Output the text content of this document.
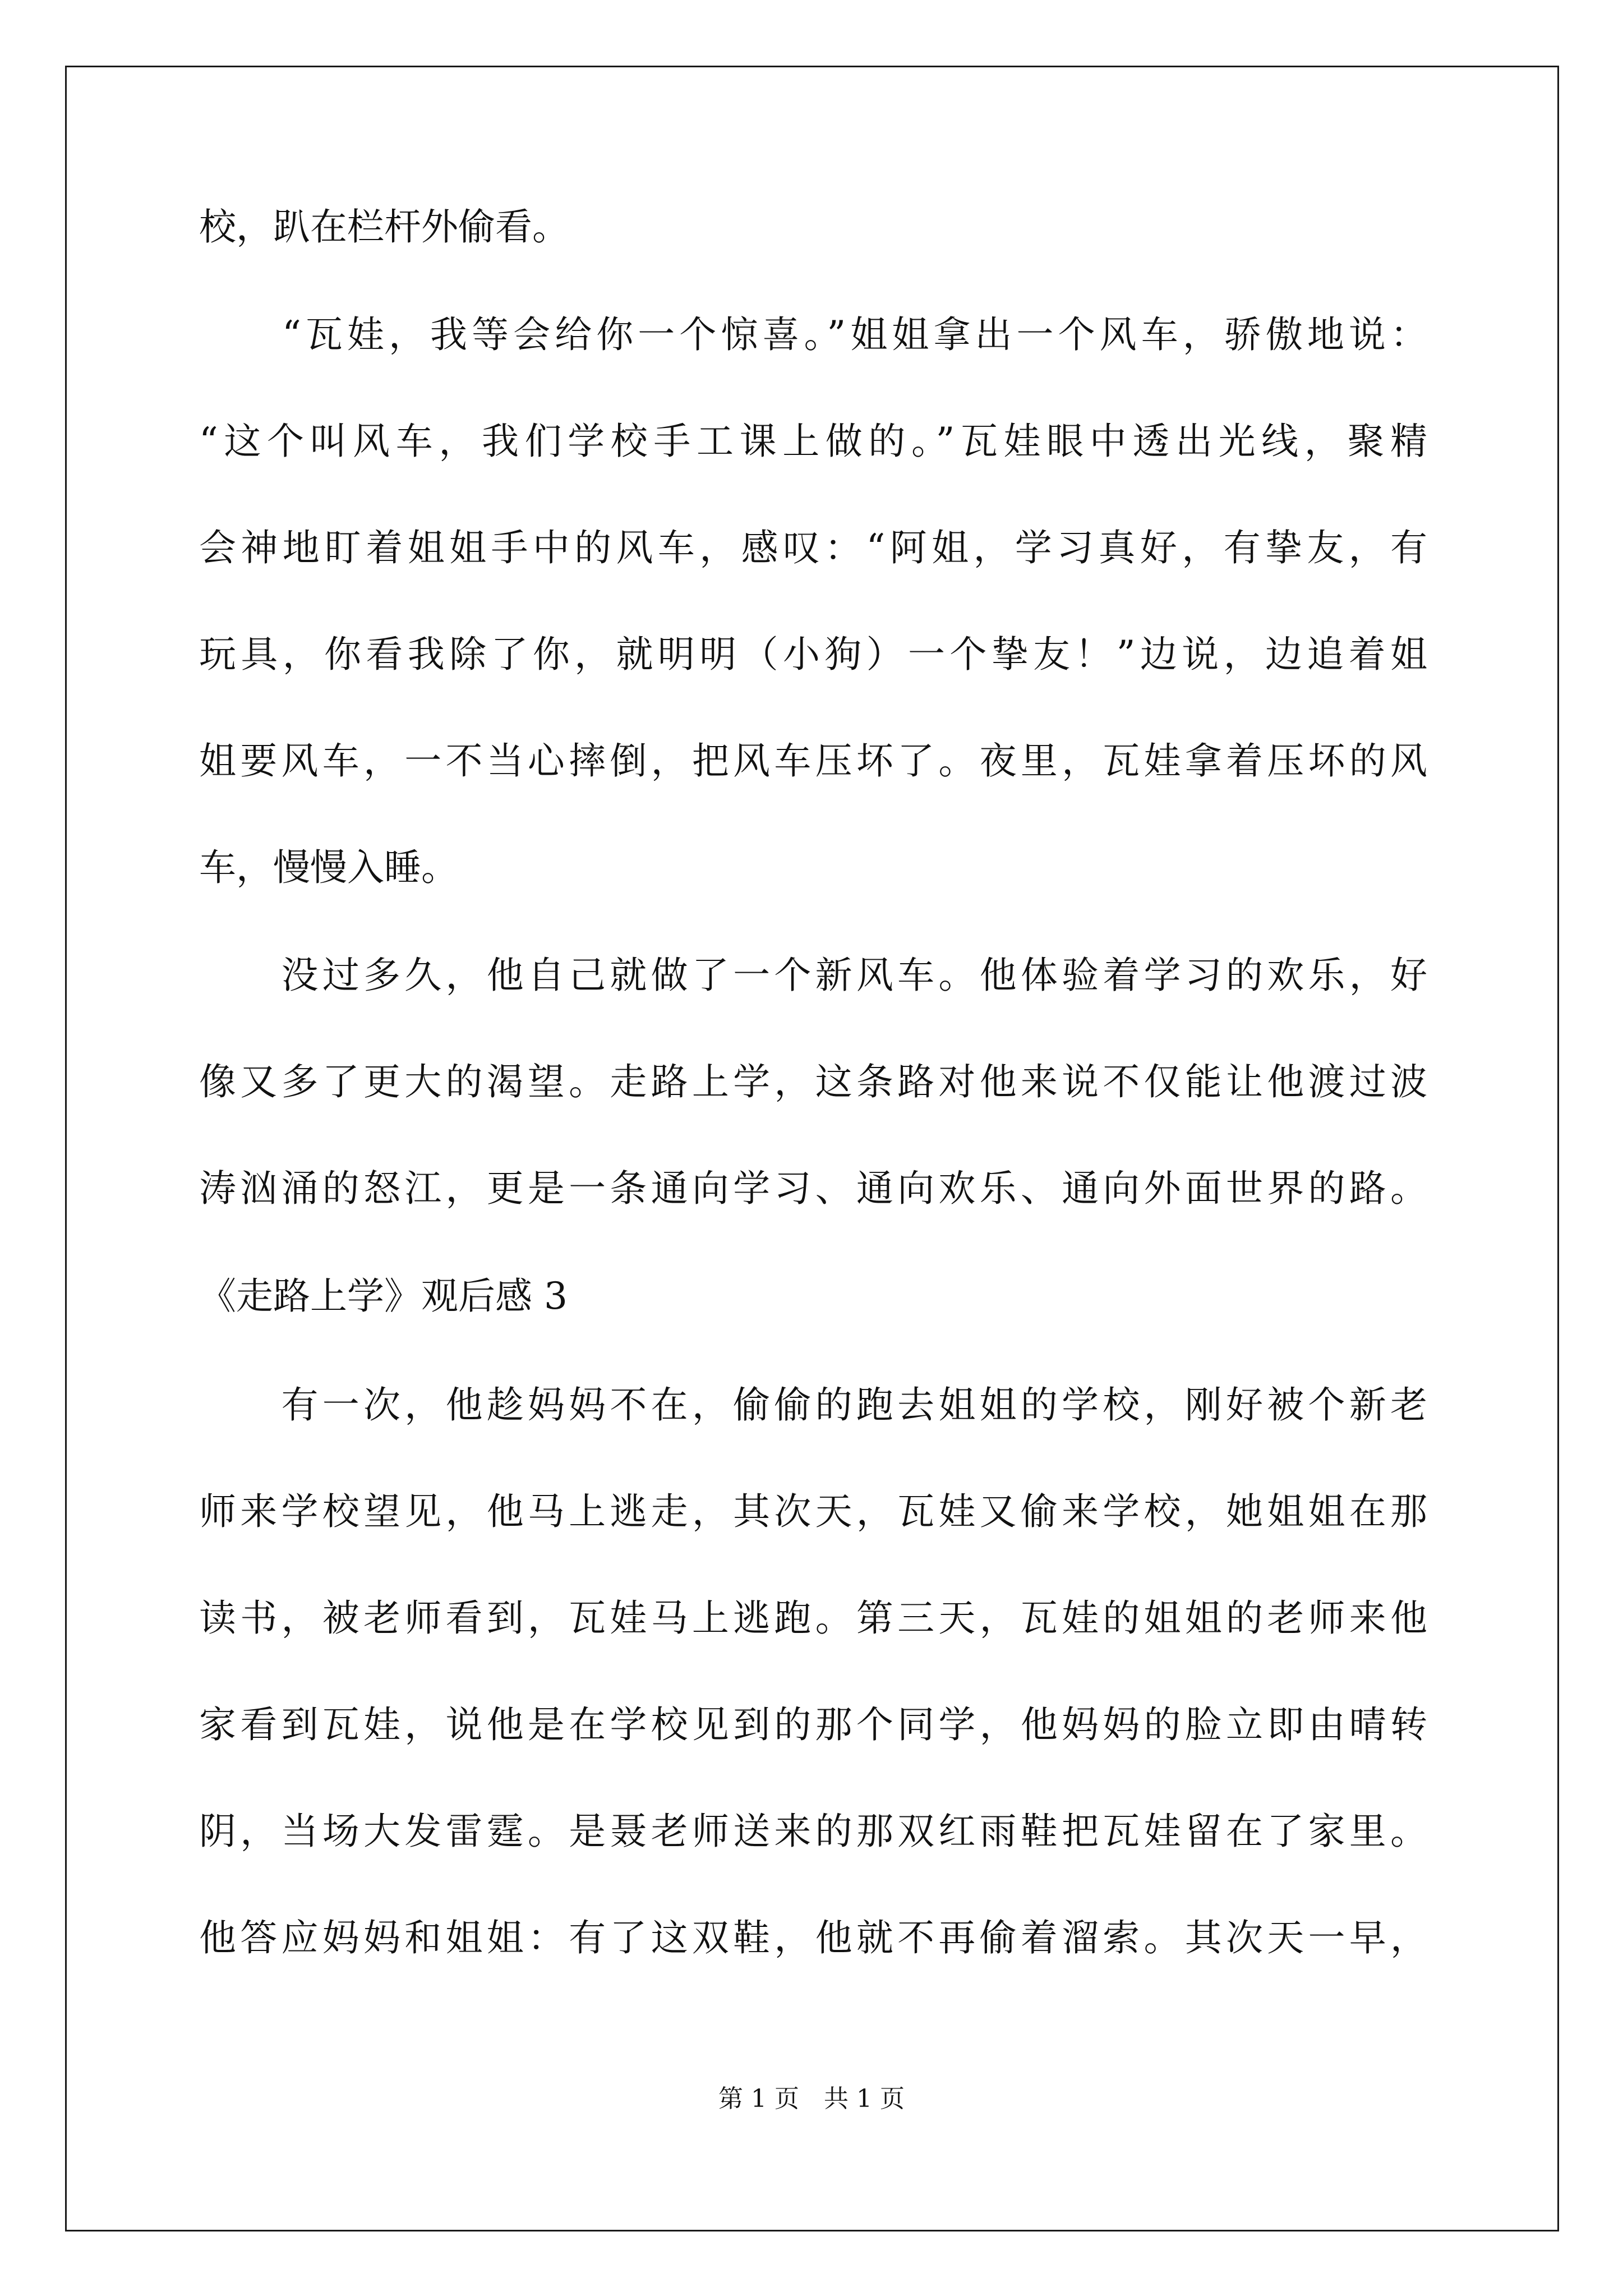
校，趴在栏杆外偷看。
　　“瓦娃，我等会给你一个惊喜。”姐姐拿出一个风车，骄傲地说：
“这个叫风车，我们学校手工课上做的。”瓦娃眼中透出光线，聚精
会神地盯着姐姐手中的风车，感叹：“阿姐，学习真好，有挚友，有
玩具，你看我除了你，就明明（小狗）一个挚友！”边说，边追着姐
姐要风车，一不当心摔倒，把风车压坏了。夜里，瓦娃拿着压坏的风
车，慢慢入睡。
　　没过多久，他自己就做了一个新风车。他体验着学习的欢乐，好
像又多了更大的渴望。走路上学，这条路对他来说不仅能让他渡过波
涛汹涌的怒江，更是一条通向学习、通向欢乐、通向外面世界的路。
《走路上学》观后感 3
　　有一次，他趁妈妈不在，偷偷的跑去姐姐的学校，刚好被个新老
师来学校望见，他马上逃走，其次天，瓦娃又偷来学校，她姐姐在那
读书，被老师看到，瓦娃马上逃跑。第三天，瓦娃的姐姐的老师来他
家看到瓦娃，说他是在学校见到的那个同学，他妈妈的脸立即由晴转
阴，当场大发雷霆。是聂老师送来的那双红雨鞋把瓦娃留在了家里。
他答应妈妈和姐姐：有了这双鞋，他就不再偷着溜索。其次天一早，
第 1 页 共 1 页
